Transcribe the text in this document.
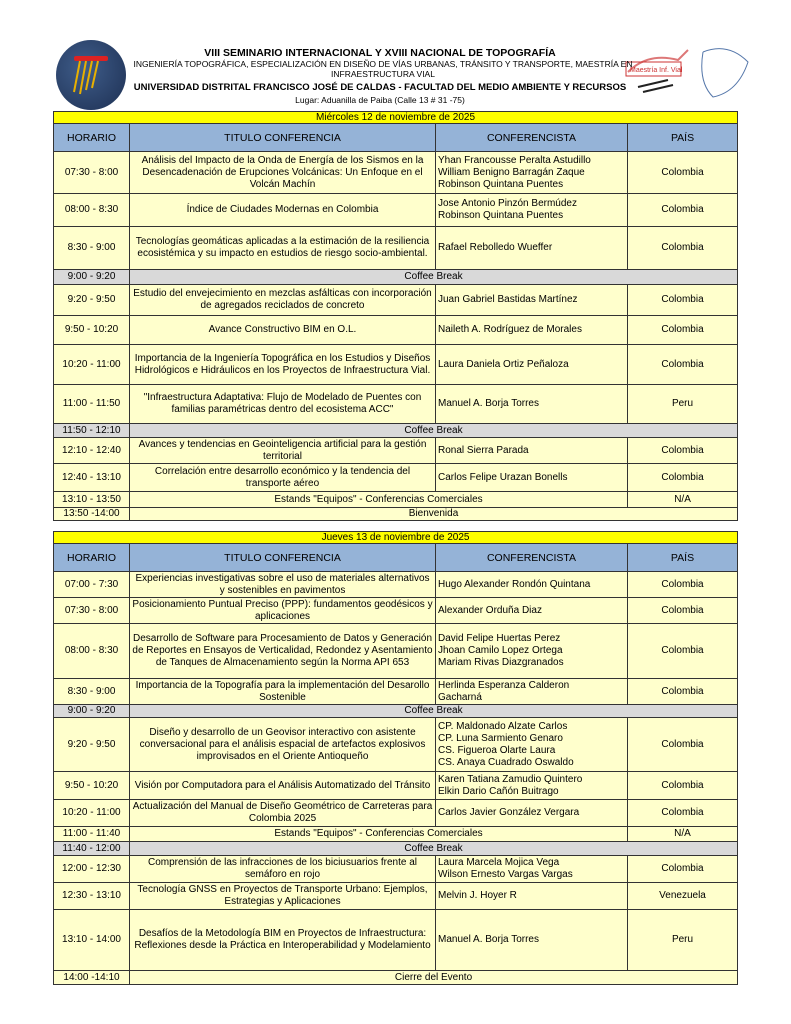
Maestría Inf. Vial
VIII SEMINARIO INTERNACIONAL Y XVIII NACIONAL DE TOPOGRAFÍA
INGENIERÍA TOPOGRÁFICA, ESPECIALIZACIÓN EN DISEÑO DE VÍAS URBANAS, TRÁNSITO Y TRANSPORTE, MAESTRÍA EN INFRAESTRUCTURA VIAL
UNIVERSIDAD DISTRITAL FRANCISCO JOSÉ DE CALDAS - FACULTAD DEL MEDIO AMBIENTE Y RECURSOS
Lugar: Aduanilla de Paiba (Calle 13 # 31 -75)
Miércoles 12 de noviembre de 2025			
HORARIO	TITULO CONFERENCIA	CONFERENCISTA	PAÍS
07:30 - 8:00	Análisis del Impacto de la Onda de Energía de los Sismos en la Desencadenación de Erupciones Volcánicas: Un Enfoque en el Volcán Machín	Yhan Francousse Peralta Astudillo
William Benigno Barragán Zaque
Robinson Quintana Puentes	Colombia
08:00 - 8:30	Índice de Ciudades Modernas en Colombia	Jose Antonio Pinzón Bermúdez
Robinson Quintana Puentes	Colombia
8:30 - 9:00	Tecnologías geomáticas aplicadas a la estimación de la resiliencia ecosistémica y su impacto en estudios de riesgo socio-ambiental.	Rafael Rebolledo Wueffer	Colombia
9:00 - 9:20	Coffee Break		
9:20 - 9:50	Estudio del envejecimiento en mezclas asfálticas con incorporación de agregados reciclados de concreto	Juan Gabriel Bastidas Martínez	Colombia
9:50 - 10:20	Avance Constructivo BIM en O.L.	Naileth A. Rodríguez de Morales	Colombia
10:20 - 11:00	Importancia de la Ingeniería Topográfica en los Estudios y Diseños Hidrológicos e Hidráulicos en los Proyectos de Infraestructura Vial.	Laura Daniela Ortiz Peñaloza	Colombia
11:00 - 11:50	"Infraestructura Adaptativa: Flujo de Modelado de Puentes con familias paramétricas dentro del ecosistema ACC"	Manuel A. Borja Torres	Peru
11:50 - 12:10	Coffee Break		
12:10 - 12:40	Avances y tendencias en Geointeligencia artificial para la gestión territorial	Ronal Sierra Parada	Colombia
12:40 - 13:10	Correlación entre desarrollo económico y la tendencia del transporte aéreo	Carlos Felipe Urazan Bonells	Colombia
13:10 - 13:50	Estands "Equipos" - Conferencias Comerciales		N/A
13:50 -14:00	Bienvenida		
Jueves 13 de noviembre de 2025			
HORARIO	TITULO CONFERENCIA	CONFERENCISTA	PAÍS
07:00 - 7:30	Experiencias investigativas sobre el uso de materiales alternativos y sostenibles en pavimentos	Hugo Alexander Rondón Quintana	Colombia
07:30 - 8:00	Posicionamiento Puntual Preciso (PPP): fundamentos geodésicos y aplicaciones	Alexander Orduña Diaz	Colombia
08:00 - 8:30	Desarrollo de Software para Procesamiento de Datos y Generación de Reportes en Ensayos de Verticalidad, Redondez y Asentamiento de Tanques de Almacenamiento según la Norma API 653	David Felipe Huertas Perez
Jhoan Camilo Lopez Ortega
Mariam Rivas Diazgranados	Colombia
8:30 - 9:00	Importancia de la Topografía para la implementación del Desarollo Sostenible	Herlinda Esperanza Calderon
Gacharná	Colombia
9:00 - 9:20	Coffee Break		
9:20 - 9:50	Diseño y desarrollo de un Geovisor interactivo con asistente conversacional para el análisis espacial de artefactos explosivos improvisados en el Oriente Antioqueño	CP. Maldonado Alzate Carlos
CP. Luna Sarmiento Genaro
CS. Figueroa Olarte Laura
CS. Anaya Cuadrado Oswaldo	Colombia
9:50 - 10:20	Visión por Computadora para el Análisis Automatizado del Tránsito	Karen Tatiana Zamudio Quintero
Elkin Dario Cañón Buitrago	Colombia
10:20 - 11:00	Actualización del Manual de Diseño Geométrico de Carreteras para Colombia 2025	Carlos Javier González Vergara	Colombia
11:00 - 11:40	Estands "Equipos" - Conferencias Comerciales		N/A
11:40 - 12:00	Coffee Break		
12:00 - 12:30	Comprensión de las infracciones de los biciusuarios frente al semáforo en rojo	Laura Marcela Mojica Vega
Wilson Ernesto Vargas Vargas	Colombia
12:30 - 13:10	Tecnología GNSS en Proyectos de Transporte Urbano: Ejemplos, Estrategias y Aplicaciones	Melvin J. Hoyer R	Venezuela
13:10 - 14:00	Desafíos de la Metodología BIM en Proyectos de Infraestructura: Reflexiones desde la Práctica en Interoperabilidad y Modelamiento	Manuel A. Borja Torres	Peru
14:00 -14:10	Cierre del Evento		
